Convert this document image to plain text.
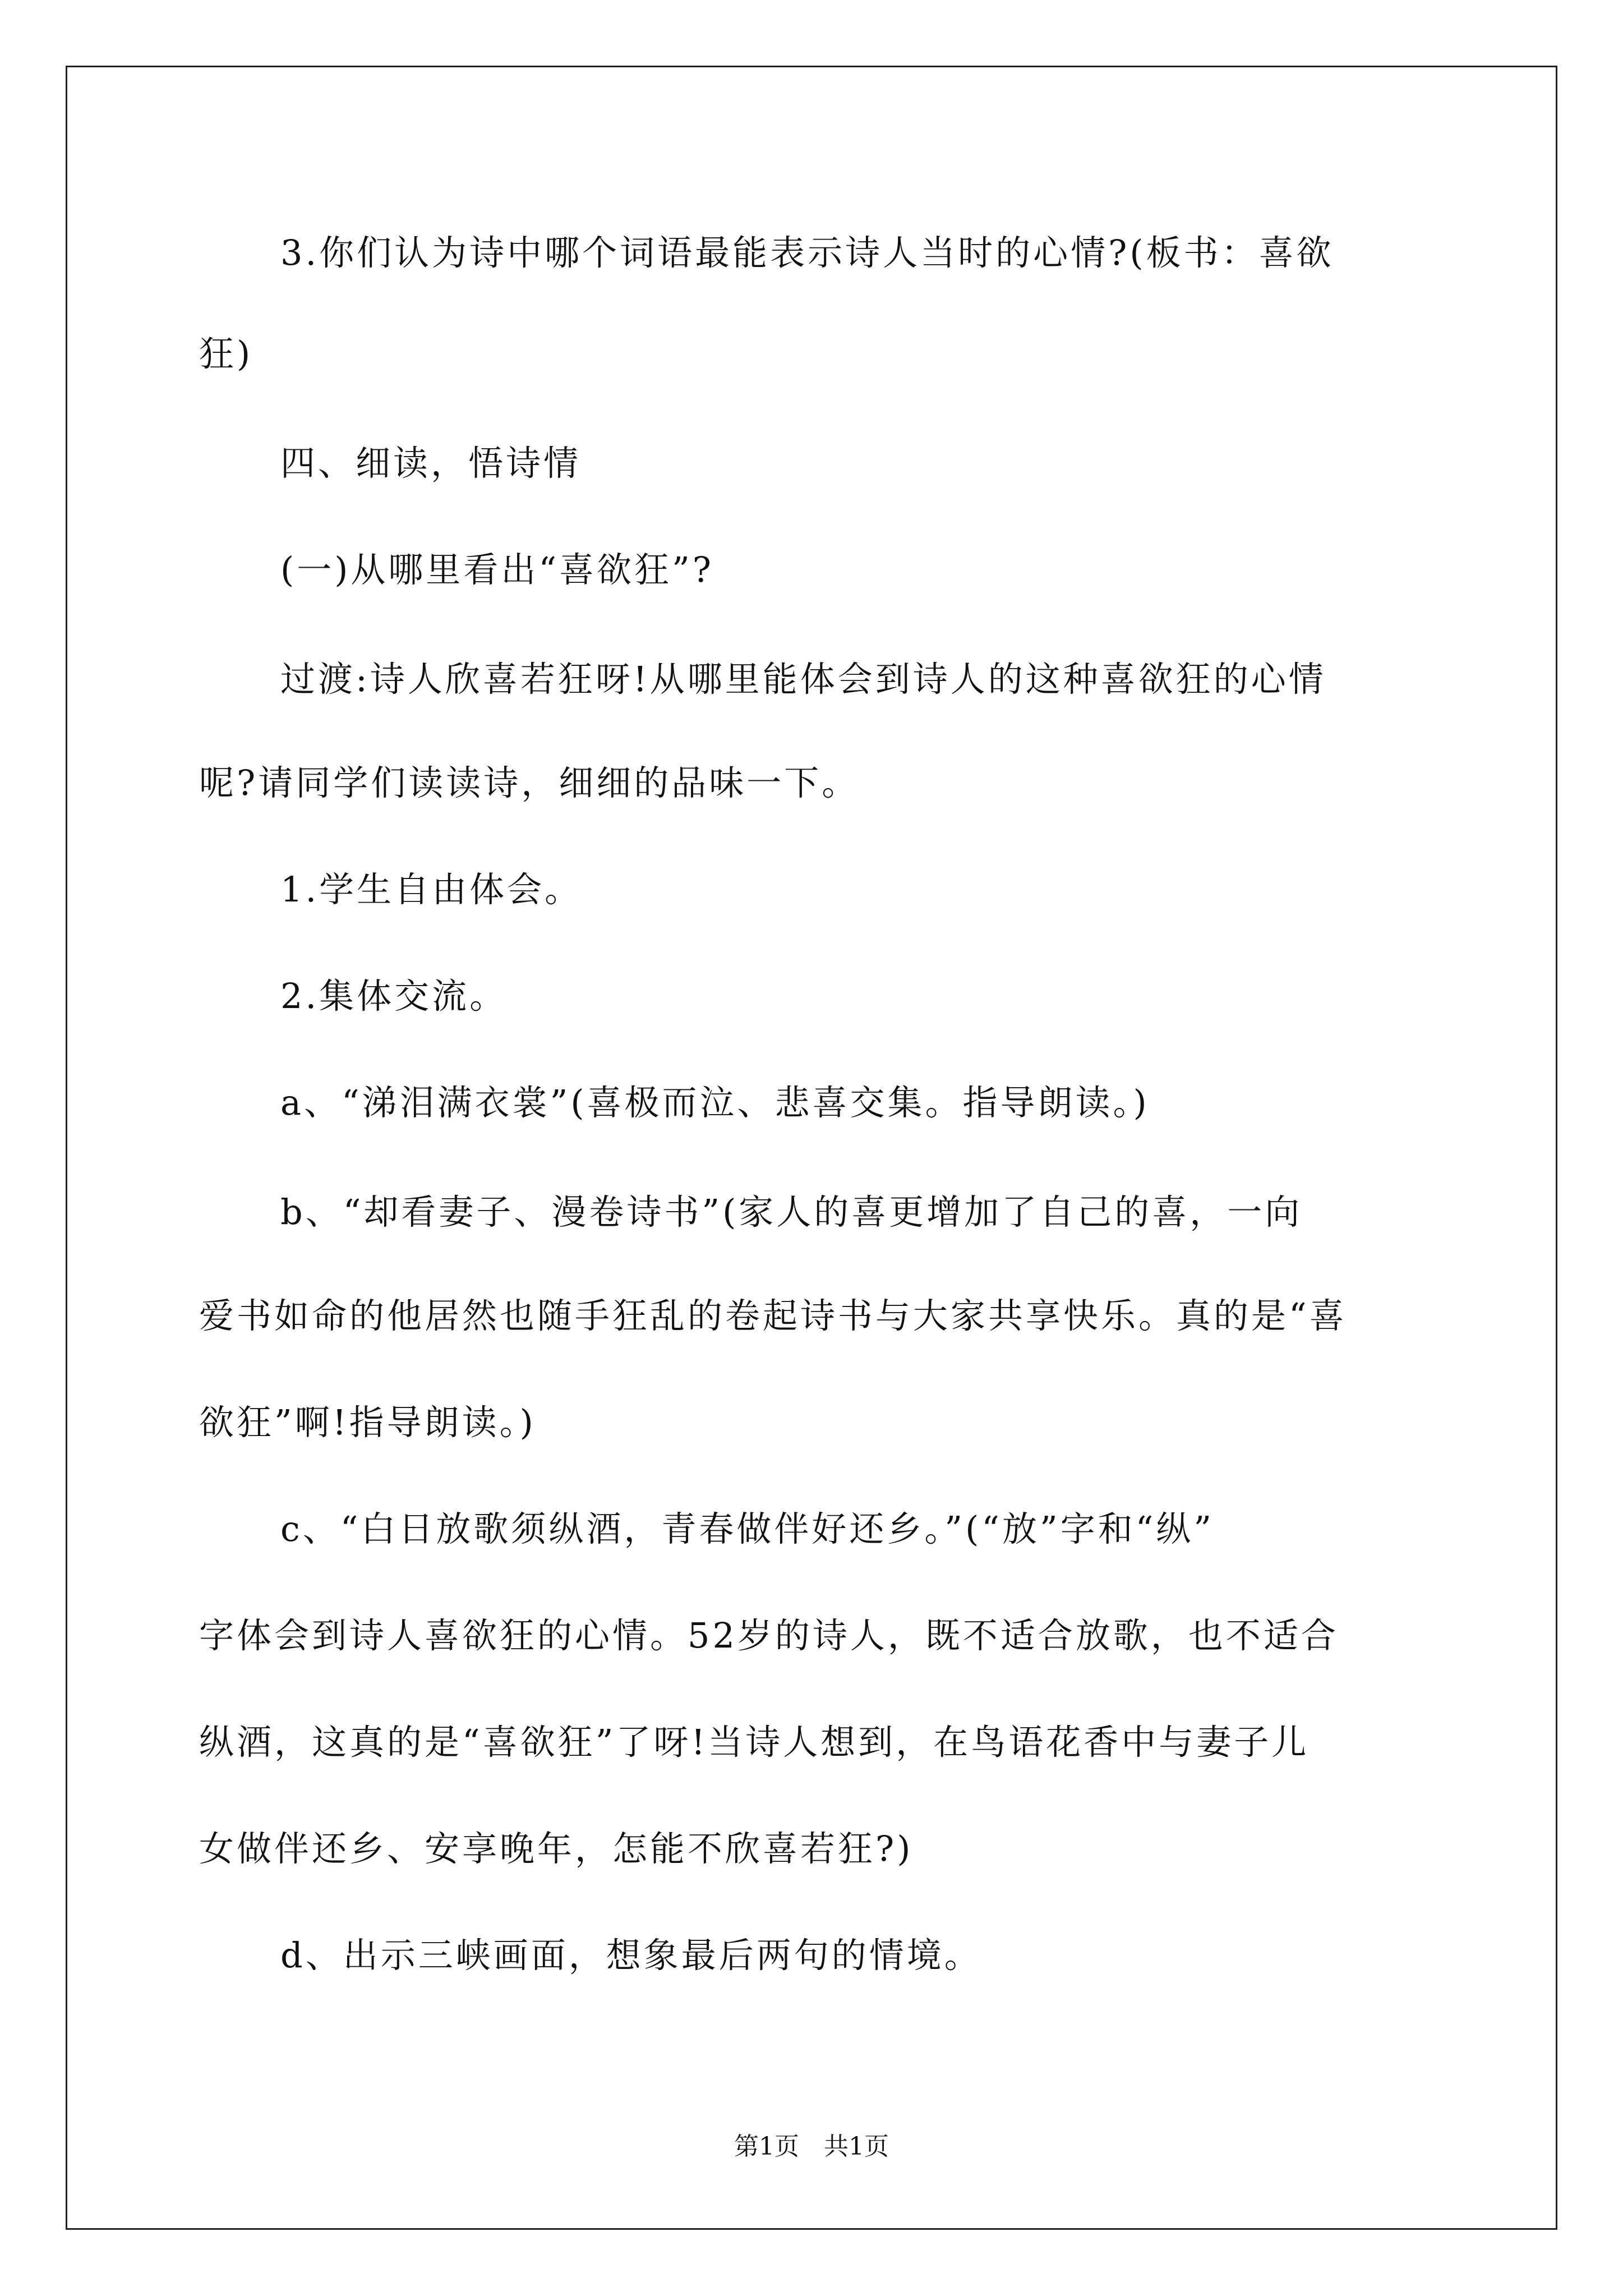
3.你们认为诗中哪个词语最能表示诗人当时的心情?(板书：喜欲
狂)
四、细读，悟诗情
(一)从哪里看出“喜欲狂”?
过渡:诗人欣喜若狂呀!从哪里能体会到诗人的这种喜欲狂的心情
呢?请同学们读读诗，细细的品味一下。
1.学生自由体会。
2.集体交流。
a、“涕泪满衣裳”(喜极而泣、悲喜交集。指导朗读。)
b、“却看妻子、漫卷诗书”(家人的喜更增加了自己的喜，一向
爱书如命的他居然也随手狂乱的卷起诗书与大家共享快乐。真的是“喜
欲狂”啊!指导朗读。)
c、“白日放歌须纵酒，青春做伴好还乡。”(“放”字和“纵”
字体会到诗人喜欲狂的心情。52岁的诗人，既不适合放歌，也不适合
纵酒，这真的是“喜欲狂”了呀!当诗人想到，在鸟语花香中与妻子儿
女做伴还乡、安享晚年，怎能不欣喜若狂?)
d、出示三峡画面，想象最后两句的情境。
第1页　共1页
